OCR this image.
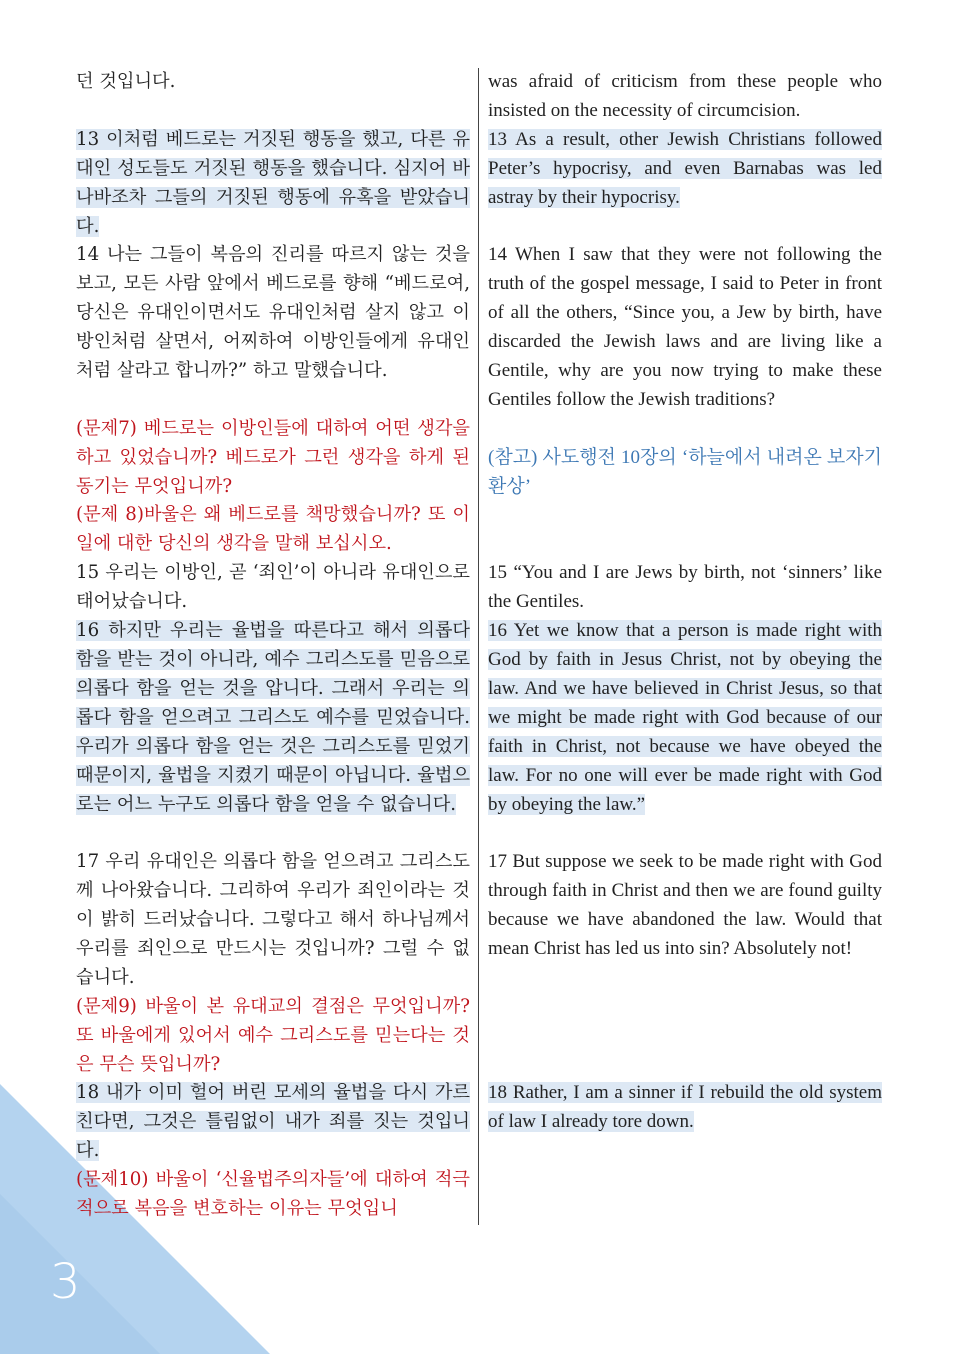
3

던 것입니다.

13 이처럼 베드로는 거짓된 행동을 했고, 다른 유대인 성도들도 거짓된 행동을 했습니다. 심지어 바나바조차 그들의 거짓된 행동에 유혹을 받았습니다.

14 나는 그들이 복음의 진리를 따르지 않는 것을 보고, 모든 사람 앞에서 베드로를 향해 “베드로여, 당신은 유대인이면서도 유대인처럼 살지 않고 이방인처럼 살면서, 어찌하여 이방인들에게 유대인처럼 살라고 합니까?” 하고 말했습니다.

(문제7) 베드로는 이방인들에 대하여 어떤 생각을 하고 있었습니까? 베드로가 그런 생각을 하게 된 동기는 무엇입니까?

(문제 8)바울은 왜 베드로를 책망했습니까? 또 이 일에 대한 당신의 생각을 말해 보십시오.

15 우리는 이방인, 곧 ‘죄인’이 아니라 유대인으로 태어났습니다.

16 하지만 우리는 율법을 따른다고 해서 의롭다 함을 받는 것이 아니라, 예수 그리스도를 믿음으로 의롭다 함을 얻는 것을 압니다. 그래서 우리는 의롭다 함을 얻으려고 그리스도 예수를 믿었습니다. 우리가 의롭다 함을 얻는 것은 그리스도를 믿었기 때문이지, 율법을 지켰기 때문이 아닙니다. 율법으로는 어느 누구도 의롭다 함을 얻을 수 없습니다.

17 우리 유대인은 의롭다 함을 얻으려고 그리스도께 나아왔습니다. 그리하여 우리가 죄인이라는 것이 밝히 드러났습니다. 그렇다고 해서 하나님께서 우리를 죄인으로 만드시는 것입니까? 그럴 수 없습니다.

(문제9) 바울이 본 유대교의 결점은 무엇입니까? 또 바울에게 있어서 예수 그리스도를 믿는다는 것은 무슨 뜻입니까?

18 내가 이미 헐어 버린 모세의 율법을 다시 가르친다면, 그것은 틀림없이 내가 죄를 짓는 것입니다.

(문제10) 바울이 ‘신율법주의자들’에 대하여 적극적으로 복음을 변호하는 이유는 무엇입니

was afraid of criticism from these people who insisted on the necessity of circumcision.

13 As a result, other Jewish Christians followed Peter’s hypocrisy, and even Barnabas was led astray by their hypocrisy.

14 When I saw that they were not following the truth of the gospel message, I said to Peter in front of all the others, “Since you, a Jew by birth, have discarded the Jewish laws and are living like a Gentile, why are you now trying to make these Gentiles follow the Jewish traditions?

(참고) 사도행전 10장의 ‘하늘에서 내려온 보자기 환상’

15 “You and I are Jews by birth, not ‘sinners’ like the Gentiles.

16 Yet we know that a person is made right with God by faith in Jesus Christ, not by obeying the law. And we have believed in Christ Jesus, so that we might be made right with God because of our faith in Christ, not because we have obeyed the law. For no one will ever be made right with God by obeying the law.”

17 But suppose we seek to be made right with God through faith in Christ and then we are found guilty because we have abandoned the law. Would that mean Christ has led us into sin? Absolutely not!

18 Rather, I am a sinner if I rebuild the old system of law I already tore down.
